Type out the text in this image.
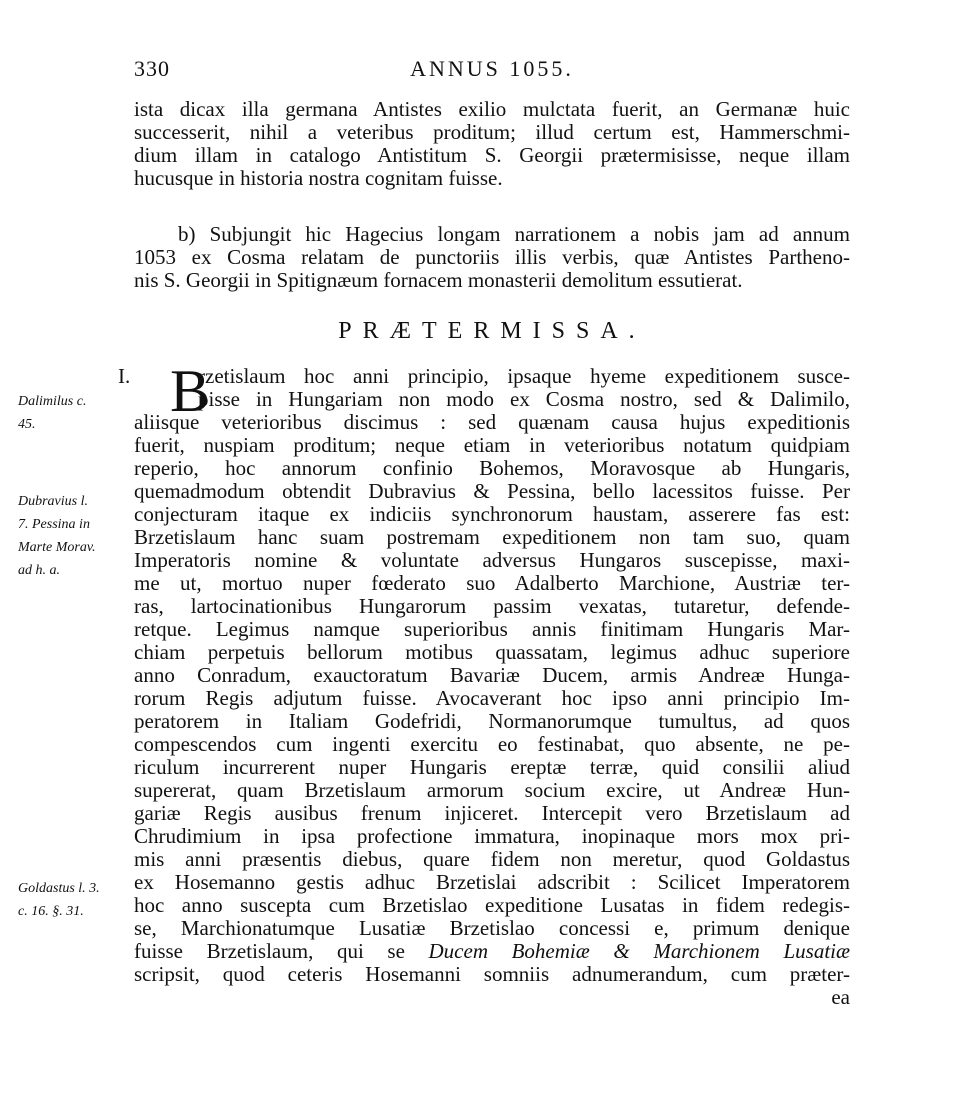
330	ANNUS 1055.
ista dicax illa germana Antistes exilio mulctata fuerit, an Germanæ huic
successerit, nihil a veteribus proditum; illud certum est, Hammerschmi-
dium illam in catalogo Antistitum S. Georgii prætermisisse, neque illam
hucusque in historia nostra cognitam fuisse.
b) Subjungit hic Hagecius longam narrationem a nobis jam ad annum
1053 ex Cosma relatam de punctoriis illis verbis, quæ Antistes Partheno-
nis S. Georgii in Spitignæum fornacem monasterii demolitum essutierat.
PRÆTERMISSA.
I. B
rzetislaum hoc anni principio, ipsaque hyeme expeditionem susce-
pisse in Hungariam non modo ex Cosma nostro, sed & Dalimilo,
aliisque veterioribus discimus : sed quænam causa hujus expeditionis
fuerit, nuspiam proditum; neque etiam in veterioribus notatum quidpiam
reperio, hoc annorum confinio Bohemos, Moravosque ab Hungaris,
quemadmodum obtendit Dubravius & Pessina, bello lacessitos fuisse. Per
conjecturam itaque ex indiciis synchronorum haustam, asserere fas est:
Brzetislaum hanc suam postremam expeditionem non tam suo, quam
Imperatoris nomine & voluntate adversus Hungaros suscepisse, maxi-
me ut, mortuo nuper fœderato suo Adalberto Marchione, Austriæ ter-
ras, lartocinationibus Hungarorum passim vexatas, tutaretur, defende-
retque. Legimus namque superioribus annis finitimam Hungaris Mar-
chiam perpetuis bellorum motibus quassatam, legimus adhuc superiore
anno Conradum, exauctoratum Bavariæ Ducem, armis Andreæ Hunga-
rorum Regis adjutum fuisse. Avocaverant hoc ipso anni principio Im-
peratorem in Italiam Godefridi, Normanorumque tumultus, ad quos
compescendos cum ingenti exercitu eo festinabat, quo absente, ne pe-
riculum incurrerent nuper Hungaris ereptæ terræ, quid consilii aliud
supererat, quam Brzetislaum armorum socium excire, ut Andreæ Hun-
gariæ Regis ausibus frenum injiceret. Intercepit vero Brzetislaum ad
Chrudimium in ipsa profectione immatura, inopinaque mors mox pri-
mis anni præsentis diebus, quare fidem non meretur, quod Goldastus
ex Hosemanno gestis adhuc Brzetislai adscribit : Scilicet Imperatorem
hoc anno susceptа cum Brzetislao expeditione Lusatas in fidem redegis-
se, Marchionatumque Lusatiæ Brzetislao concessi e, primum denique
fuisse Brzetislaum, qui se Ducem Bohemiæ & Marchionem Lusatiæ
scripsit, quod ceteris Hosemanni somniis adnumerandum, cum præter-
ea
Dalimilus c.
45.
Dubravius l.
7. Pessina in
Marte Morav.
ad h. a.
Goldastus l. 3.
c. 16. §. 31.
